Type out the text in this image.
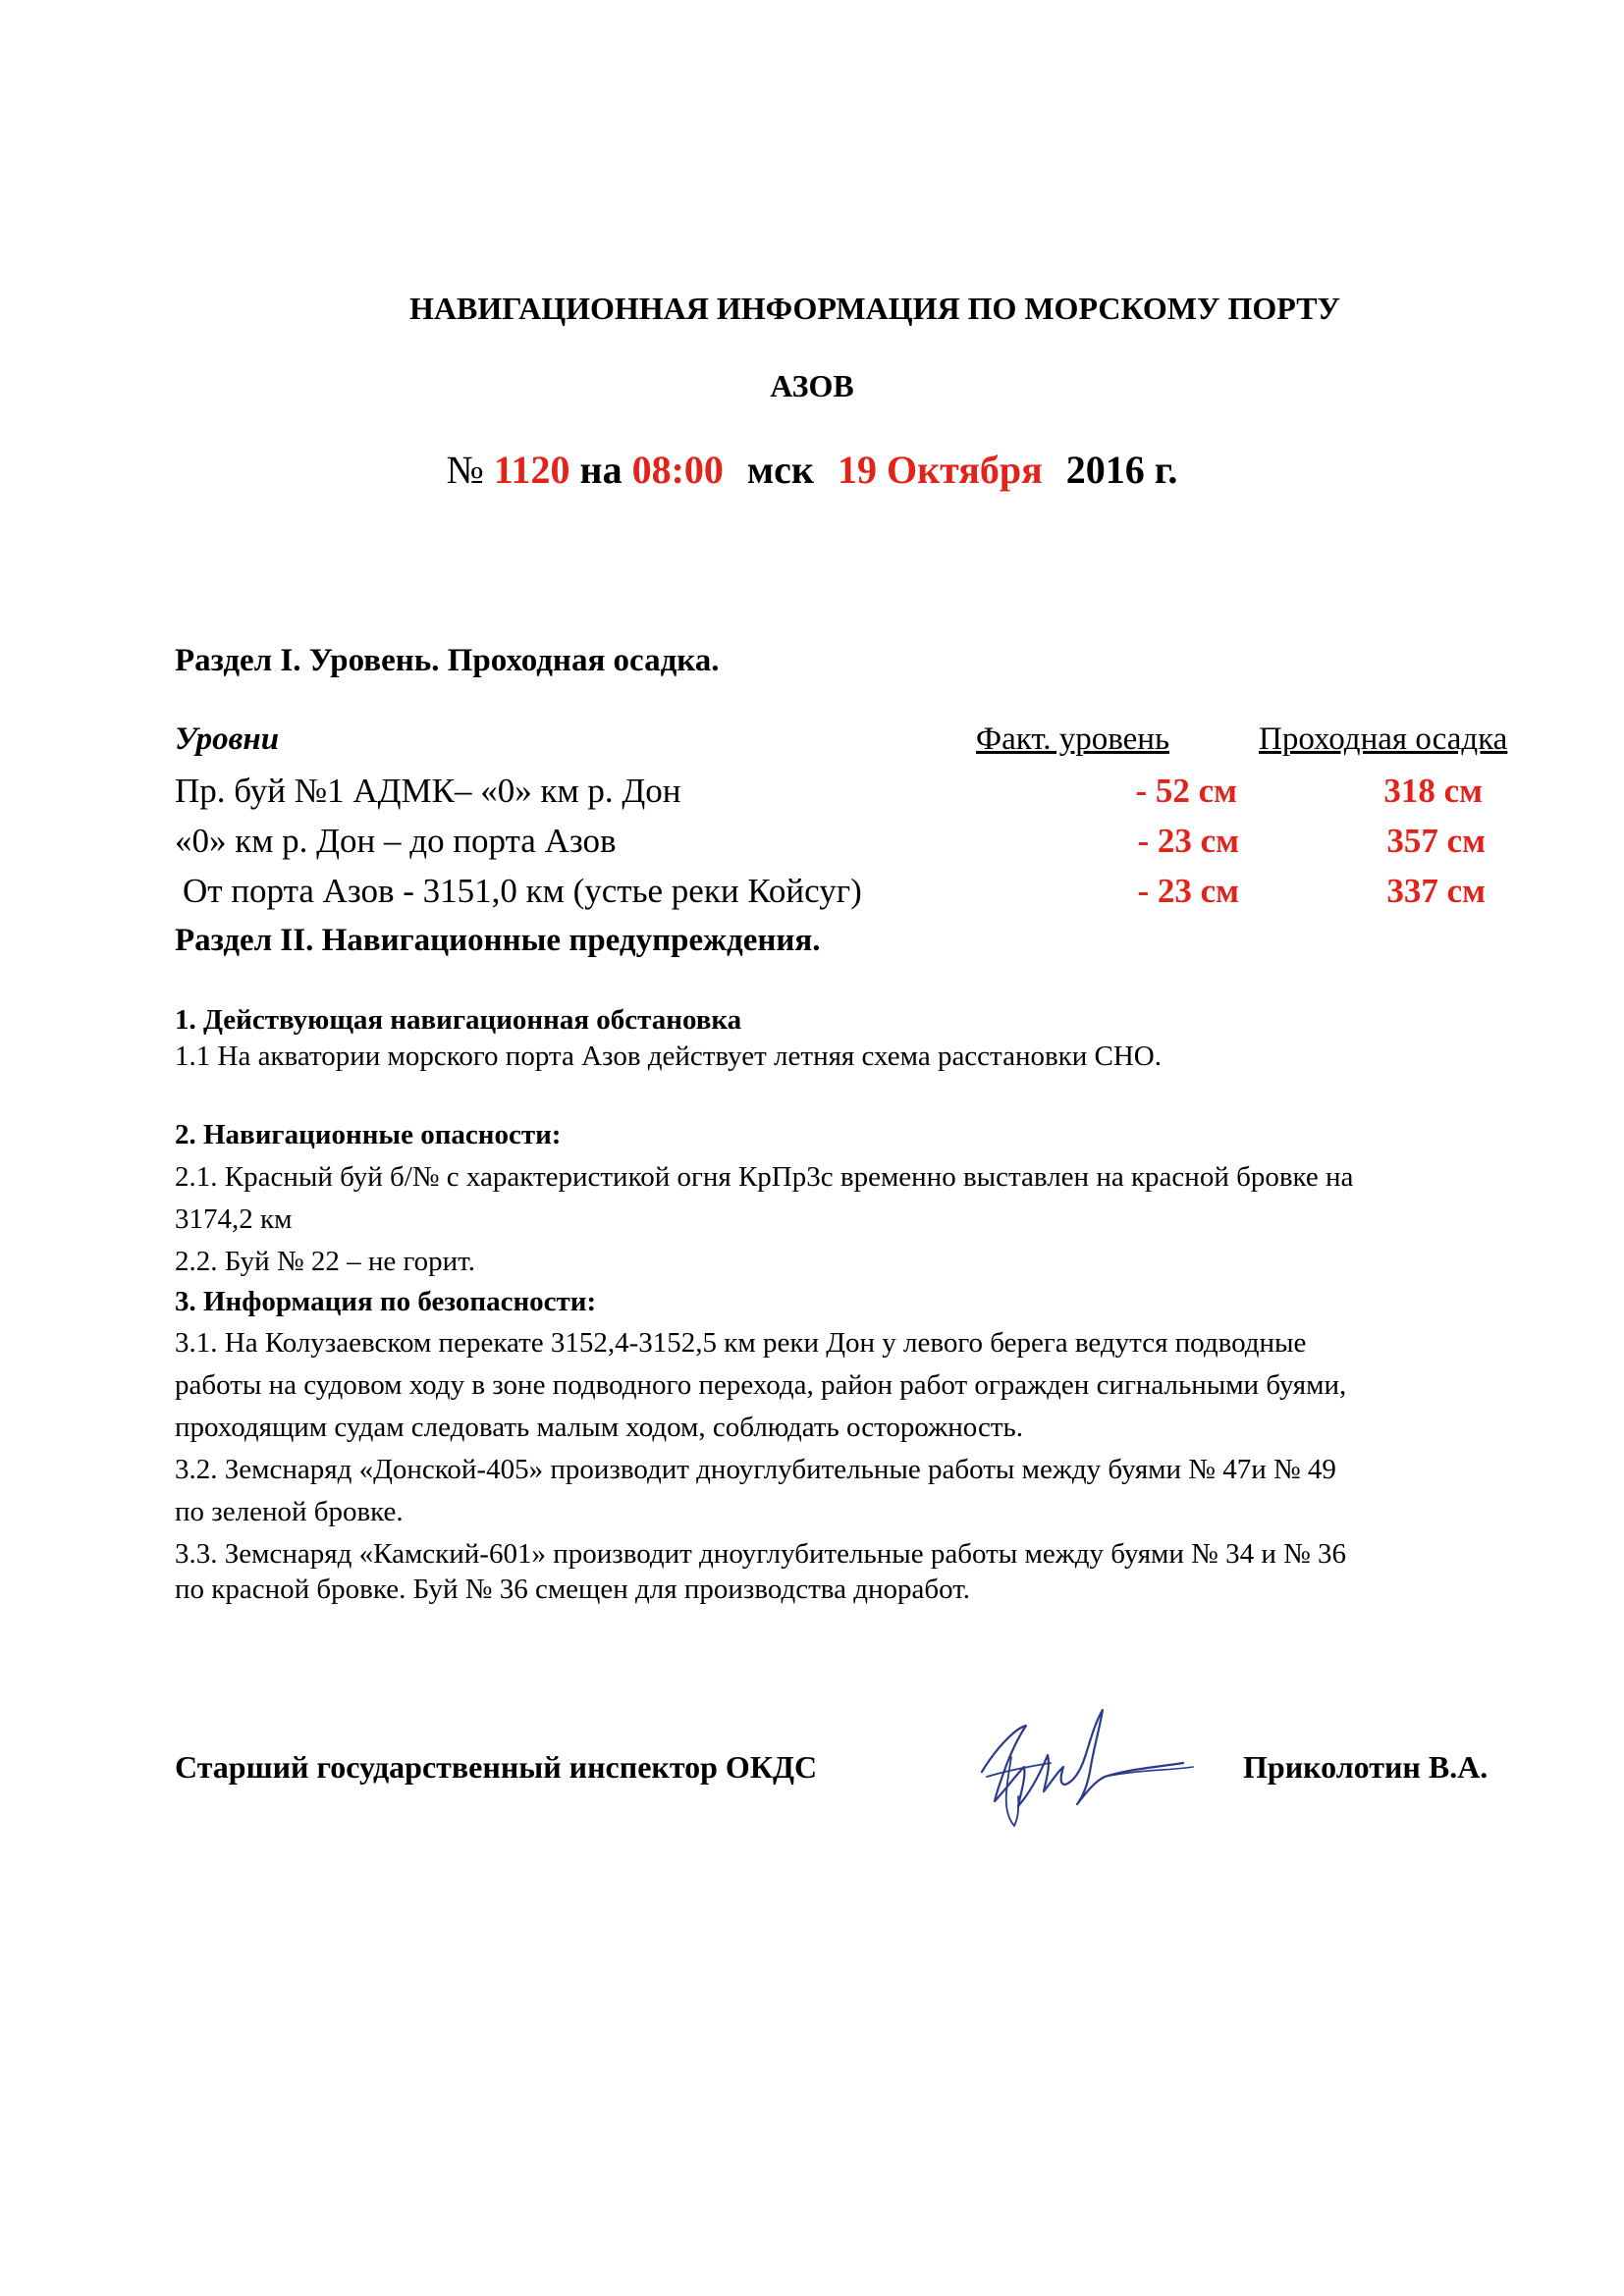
НАВИГАЦИОННАЯ ИНФОРМАЦИЯ ПО МОРСКОМУ ПОРТУ
АЗОВ
№ 1120 на 08:00 мск 19 Октября 2016 г.
Раздел I. Уровень. Проходная осадка.
Уровни	Факт. уровень	Проходная осадка
Пр. буй №1 АДМК– «0» км р. Дон	- 52 см	318 см
«0» км р. Дон – до порта Азов	- 23 см	357 см
От порта Азов - 3151,0 км (устье реки Койсуг)	- 23 см	337 см
Раздел II. Навигационные предупреждения.
1. Действующая навигационная обстановка
1.1 На акватории морского порта Азов действует летняя схема расстановки СНО.
2. Навигационные опасности:
2.1. Красный буй б/№ с характеристикой огня КрПр3с временно выставлен на красной бровке на
3174,2 км
2.2. Буй № 22 – не горит.
3. Информация по безопасности:
3.1. На Колузаевском перекате 3152,4-3152,5 км реки Дон у левого берега ведутся подводные
работы на судовом ходу в зоне подводного перехода, район работ огражден сигнальными буями,
проходящим судам следовать малым ходом, соблюдать осторожность.
3.2. Земснаряд «Донской-405» производит дноуглубительные работы между буями № 47и № 49
по зеленой бровке.
3.3. Земснаряд «Камский-601» производит дноуглубительные работы между буями № 34 и № 36
по красной бровке. Буй № 36 смещен для производства дноработ.
Старший государственный инспектор ОКДС	Приколотин В.А.
